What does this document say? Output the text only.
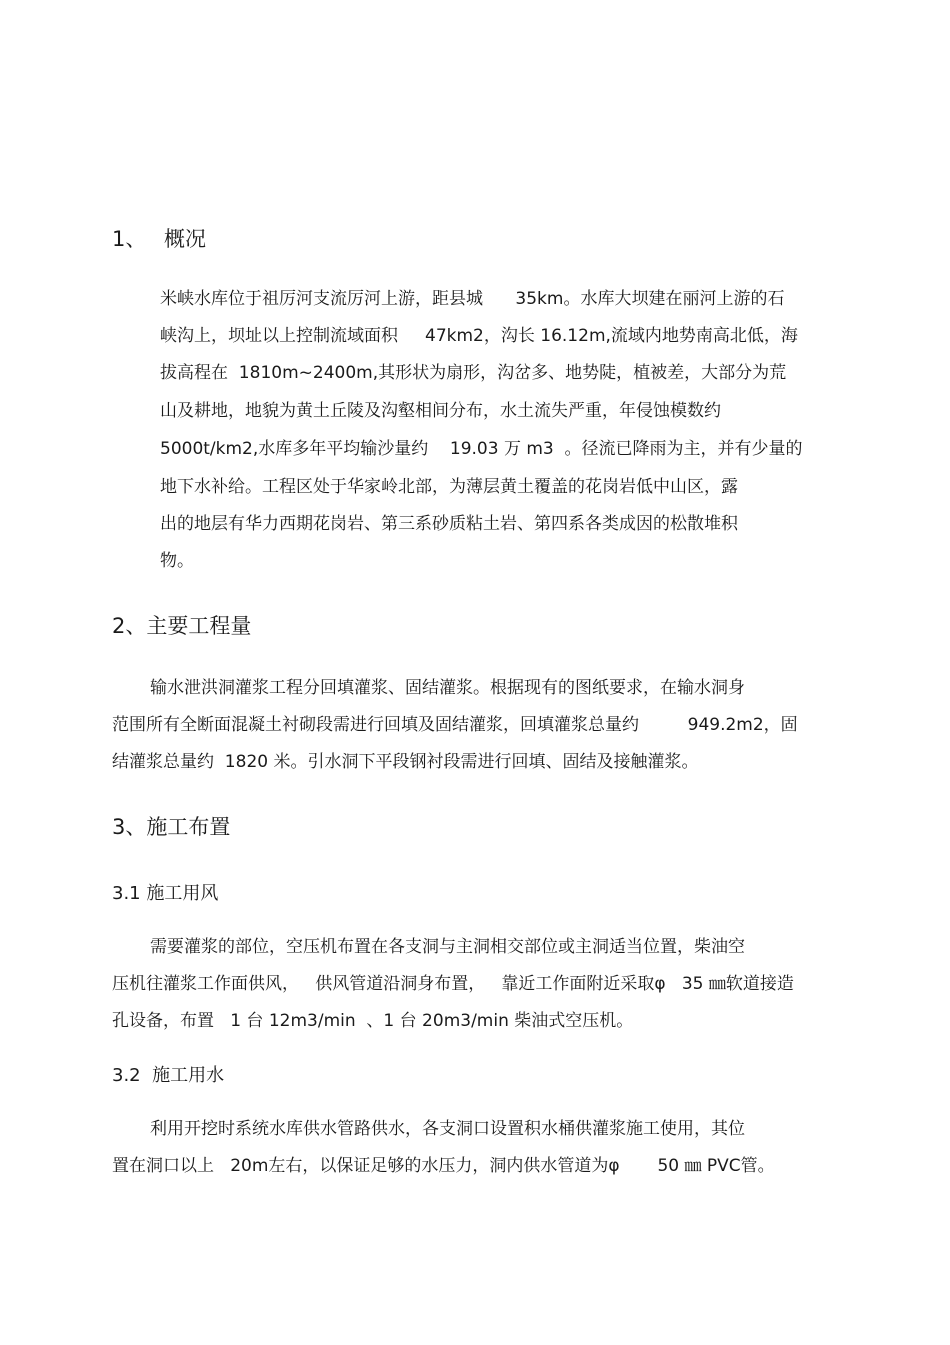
1、 概况
米峡水库位于祖厉河支流厉河上游，距县城      35km。水库大坝建在丽河上游的石
峡沟上，坝址以上控制流域面积     47km2，沟长 16.12m,流域内地势南高北低，海
拔高程在  1810m~2400m,其形状为扇形，沟岔多、地势陡，植被差，大部分为荒
山及耕地，地貌为黄土丘陵及沟壑相间分布，水土流失严重，年侵蚀模数约
5000t/km2,水库多年平均输沙量约    19.03 万 m3  。径流已降雨为主，并有少量的
地下水补给。工程区处于华家岭北部，为薄层黄土覆盖的花岗岩低中山区，露
出的地层有华力西期花岗岩、第三系砂质粘土岩、第四系各类成因的松散堆积
物。
2、主要工程量
输水泄洪洞灌浆工程分回填灌浆、固结灌浆。根据现有的图纸要求，在输水洞身
范围所有全断面混凝土衬砌段需进行回填及固结灌浆，回填灌浆总量约         949.2m2，固
结灌浆总量约  1820 米。引水洞下平段钢衬段需进行回填、固结及接触灌浆。
3、施工布置
3.1 施工用风
需要灌浆的部位，空压机布置在各支洞与主洞相交部位或主洞适当位置，柴油空
压机往灌浆工作面供风，   供风管道沿洞身布置，   靠近工作面附近采取φ   35 ㎜软道接造
孔设备，布置   1 台 12m3/min  、1 台 20m3/min 柴油式空压机。
3.2  施工用水
利用开挖时系统水库供水管路供水，各支洞口设置积水桶供灌浆施工使用，其位
置在洞口以上   20m左右，以保证足够的水压力，洞内供水管道为φ       50 ㎜ PVC管。
